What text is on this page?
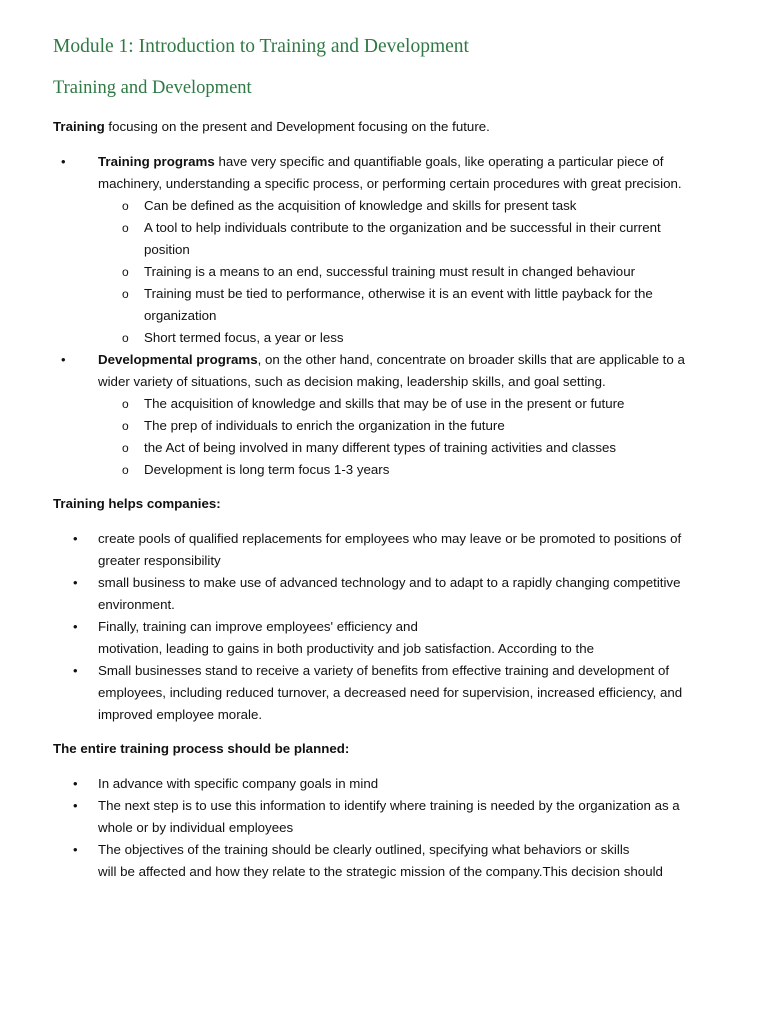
Module 1: Introduction to Training and Development
Training and Development

Training focusing on the present and Development focusing on the future.

• Training programs have very specific and quantifiable goals, like operating a particular piece of machinery, understanding a specific process, or performing certain procedures with great precision.
o Can be defined as the acquisition of knowledge and skills for present task
o A tool to help individuals contribute to the organization and be successful in their current position
o Training is a means to an end, successful training must result in changed behaviour
o Training must be tied to performance, otherwise it is an event with little payback for the organization
o Short termed focus, a year or less
• Developmental programs, on the other hand, concentrate on broader skills that are applicable to a wider variety of situations, such as decision making, leadership skills, and goal setting.
o The acquisition of knowledge and skills that may be of use in the present or future
o The prep of individuals to enrich the organization in the future
o the Act of being involved in many different types of training activities and classes
o Development is long term focus 1-3 years

Training helps companies:

• create pools of qualified replacements for employees who may leave or be promoted to positions of greater responsibility
• small business to make use of advanced technology and to adapt to a rapidly changing competitive environment.
• Finally, training can improve employees' efficiency and
motivation, leading to gains in both productivity and job satisfaction. According to the
• Small businesses stand to receive a variety of benefits from effective training and development of employees, including reduced turnover, a decreased need for supervision, increased efficiency, and improved employee morale.

The entire training process should be planned:

• In advance with specific company goals in mind
• The next step is to use this information to identify where training is needed by the organization as a whole or by individual employees
• The objectives of the training should be clearly outlined, specifying what behaviors or skills
will be affected and how they relate to the strategic mission of the company.This decision should
